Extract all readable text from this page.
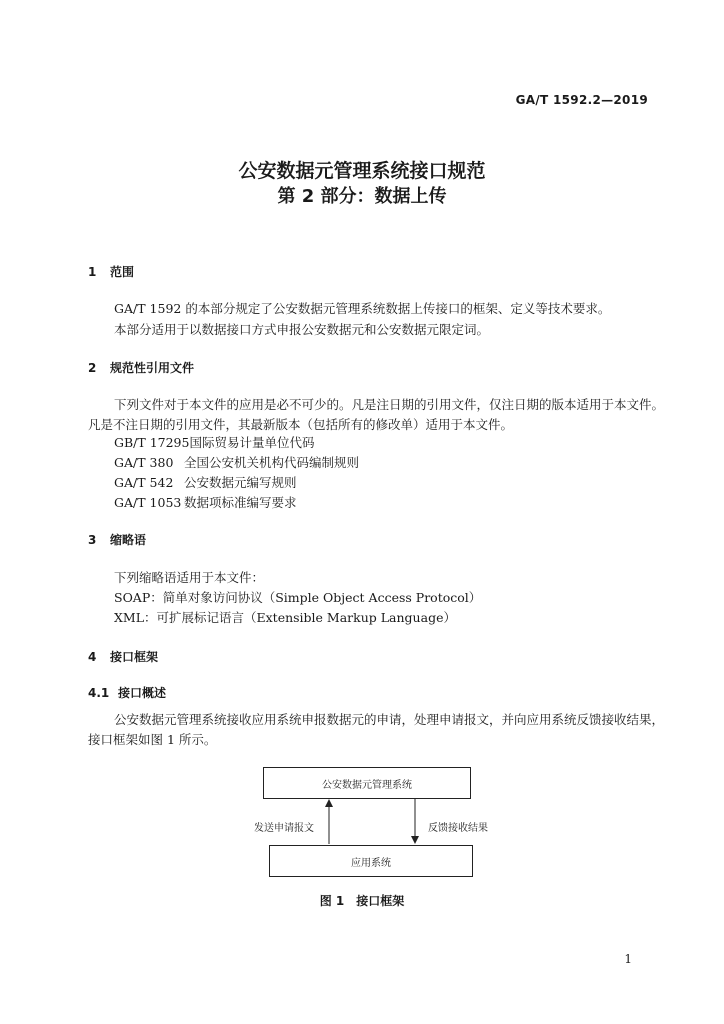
GA/T 1592.2—2019
公安数据元管理系统接口规范
第 2 部分：数据上传
1 范围
GA/T 1592 的本部分规定了公安数据元管理系统数据上传接口的框架、定义等技术要求。
本部分适用于以数据接口方式申报公安数据元和公安数据元限定词。
2 规范性引用文件
下列文件对于本文件的应用是必不可少的。凡是注日期的引用文件，仅注日期的版本适用于本文件。凡是不注日期的引用文件，其最新版本（包括所有的修改单）适用于本文件。
GB/T 17295国际贸易计量单位代码
GA/T 380 全国公安机关机构代码编制规则
GA/T 542 公安数据元编写规则
GA/T 1053 数据项标准编写要求
3 缩略语
下列缩略语适用于本文件：
SOAP：简单对象访问协议（Simple Object Access Protocol）
XML：可扩展标记语言（Extensible Markup Language）
4 接口框架
4.1 接口概述
公安数据元管理系统接收应用系统申报数据元的申请，处理申请报文，并向应用系统反馈接收结果，接口框架如图 1 所示。
公安数据元管理系统
应用系统
发送申请报文	反馈接收结果
图 1　接口框架
1
